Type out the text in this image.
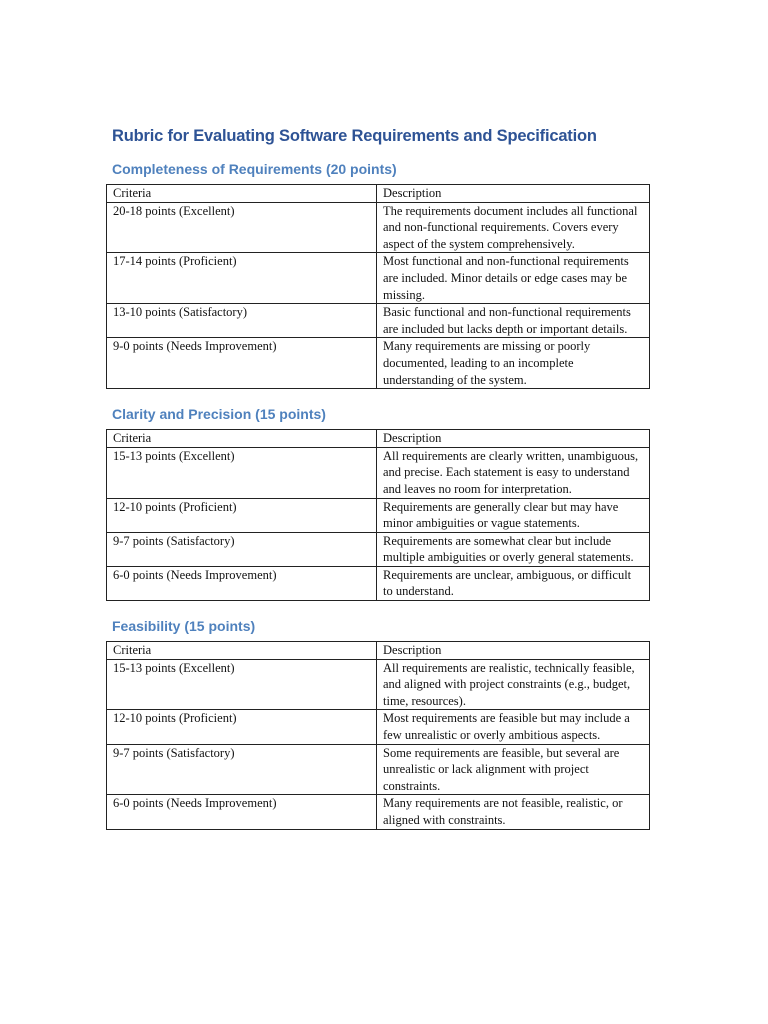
Rubric for Evaluating Software Requirements and Specification
Completeness of Requirements (20 points)
Criteria	Description
20-18 points (Excellent)	The requirements document includes all functional and non-functional requirements. Covers every aspect of the system comprehensively.
17-14 points (Proficient)	Most functional and non-functional requirements are included. Minor details or edge cases may be missing.
13-10 points (Satisfactory)	Basic functional and non-functional requirements are included but lacks depth or important details.
9-0 points (Needs Improvement)	Many requirements are missing or poorly documented, leading to an incomplete understanding of the system.
Clarity and Precision (15 points)
Criteria	Description
15-13 points (Excellent)	All requirements are clearly written, unambiguous, and precise. Each statement is easy to understand and leaves no room for interpretation.
12-10 points (Proficient)	Requirements are generally clear but may have minor ambiguities or vague statements.
9-7 points (Satisfactory)	Requirements are somewhat clear but include multiple ambiguities or overly general statements.
6-0 points (Needs Improvement)	Requirements are unclear, ambiguous, or difficult to understand.
Feasibility (15 points)
Criteria	Description
15-13 points (Excellent)	All requirements are realistic, technically feasible, and aligned with project constraints (e.g., budget, time, resources).
12-10 points (Proficient)	Most requirements are feasible but may include a few unrealistic or overly ambitious aspects.
9-7 points (Satisfactory)	Some requirements are feasible, but several are unrealistic or lack alignment with project constraints.
6-0 points (Needs Improvement)	Many requirements are not feasible, realistic, or aligned with constraints.
